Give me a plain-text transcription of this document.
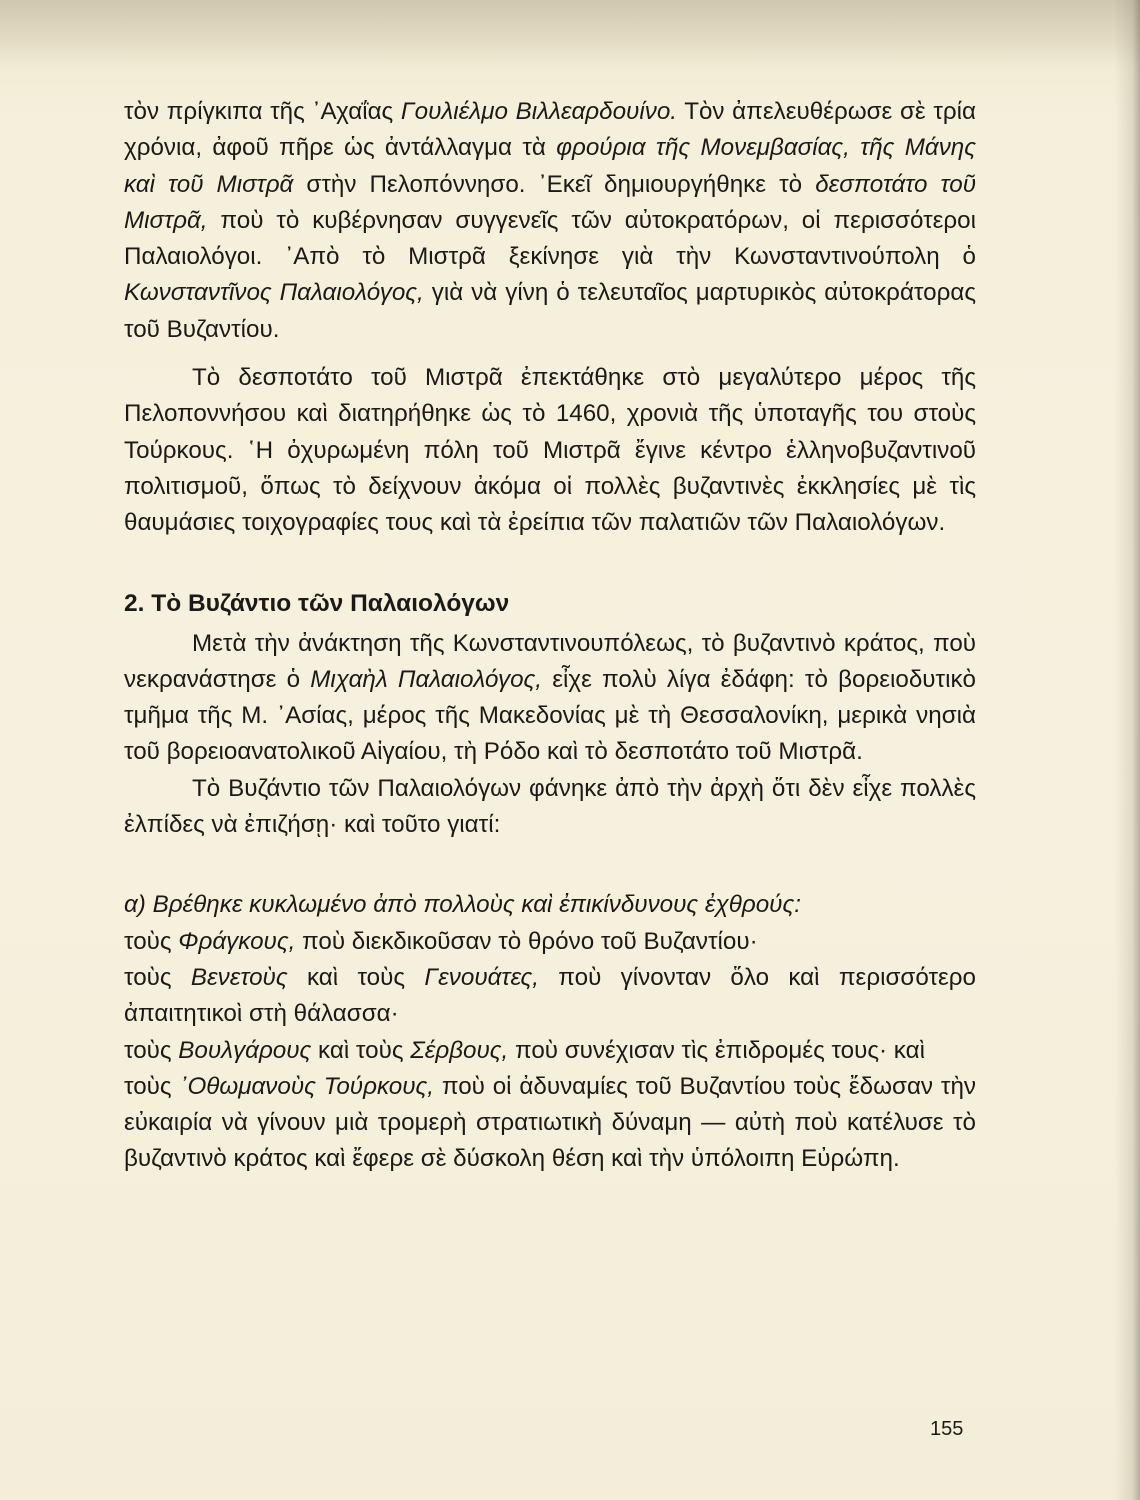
τὸν πρίγκιπα τῆς ᾿Αχαΐας Γουλιέλμο Βιλλεαρδουίνο. Τὸν ἀπελευθέρωσε σὲ τρία χρόνια, ἀφοῦ πῆρε ὡς ἀντάλλαγμα τὰ φρούρια τῆς Μονεμβασίας, τῆς Μάνης καὶ τοῦ Μιστρᾶ στὴν Πελοπόννησο. ᾿Εκεῖ δημιουργήθηκε τὸ δεσποτάτο τοῦ Μιστρᾶ, ποὺ τὸ κυβέρνησαν συγγενεῖς τῶν αὐτοκρατόρων, οἱ περισσότεροι Παλαιολόγοι. ᾿Απὸ τὸ Μιστρᾶ ξεκίνησε γιὰ τὴν Κωνσταντινούπολη ὁ Κωνσταντῖνος Παλαιολόγος, γιὰ νὰ γίνη ὁ τελευταῖος μαρτυρικὸς αὐτοκράτορας τοῦ Βυζαντίου.

Τὸ δεσποτάτο τοῦ Μιστρᾶ ἐπεκτάθηκε στὸ μεγαλύτερο μέρος τῆς Πελοποννήσου καὶ διατηρήθηκε ὡς τὸ 1460, χρονιὰ τῆς ὑποταγῆς του στοὺς Τούρκους. ῾Η ὀχυρωμένη πόλη τοῦ Μιστρᾶ ἔγινε κέντρο ἑλληνοβυζαντινοῦ πολιτισμοῦ, ὅπως τὸ δείχνουν ἀκόμα οἱ πολλὲς βυζαντινὲς ἐκκλησίες μὲ τὶς θαυμάσιες τοιχογραφίες τους καὶ τὰ ἐρείπια τῶν παλατιῶν τῶν Παλαιολόγων.

2. Τὸ Βυζάντιο τῶν Παλαιολόγων

Μετὰ τὴν ἀνάκτηση τῆς Κωνσταντινουπόλεως, τὸ βυζαντινὸ κράτος, ποὺ νεκρανάστησε ὁ Μιχαὴλ Παλαιολόγος, εἶχε πολὺ λίγα ἐδάφη: τὸ βορειοδυτικὸ τμῆμα τῆς Μ. ᾿Ασίας, μέρος τῆς Μακεδονίας μὲ τὴ Θεσσαλονίκη, μερικὰ νησιὰ τοῦ βορειοανατολικοῦ Αἰγαίου, τὴ Ρόδο καὶ τὸ δεσποτάτο τοῦ Μιστρᾶ.

Τὸ Βυζάντιο τῶν Παλαιολόγων φάνηκε ἀπὸ τὴν ἀρχὴ ὅτι δὲν εἶχε πολλὲς ἐλπίδες νὰ ἐπιζήσῃ· καὶ τοῦτο γιατί:

α) Βρέθηκε κυκλωμένο ἀπὸ πολλοὺς καὶ ἐπικίνδυνους ἐχθρούς:

τοὺς Φράγκους, ποὺ διεκδικοῦσαν τὸ θρόνο τοῦ Βυζαντίου·

τοὺς Βενετοὺς καὶ τοὺς Γενουάτες, ποὺ γίνονταν ὅλο καὶ περισσότερο ἀπαιτητικοὶ στὴ θάλασσα·

τοὺς Βουλγάρους καὶ τοὺς Σέρβους, ποὺ συνέχισαν τὶς ἐπιδρομές τους· καὶ

τοὺς ᾿Οθωμανοὺς Τούρκους, ποὺ οἱ ἀδυναμίες τοῦ Βυζαντίου τοὺς ἔδωσαν τὴν εὐκαιρία νὰ γίνουν μιὰ τρομερὴ στρατιωτικὴ δύναμη — αὐτὴ ποὺ κατέλυσε τὸ βυζαντινὸ κράτος καὶ ἔφερε σὲ δύσκολη θέση καὶ τὴν ὑπόλοιπη Εὐρώπη.

155
